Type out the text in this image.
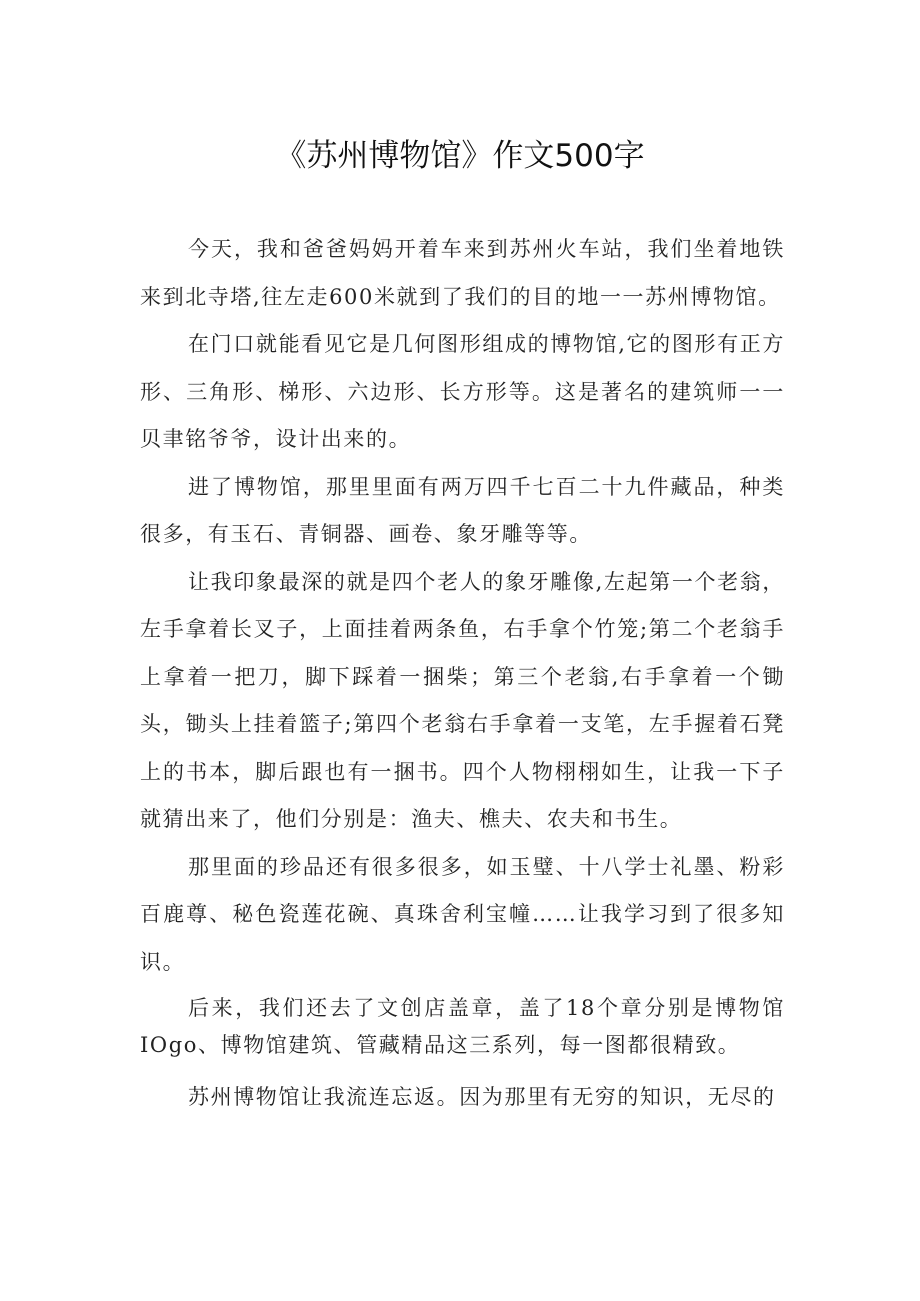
《苏州博物馆》作文500字

今天，我和爸爸妈妈开着车来到苏州火车站，我们坐着地铁来到北寺塔,往左走600米就到了我们的目的地一一苏州博物馆。

在门口就能看见它是几何图形组成的博物馆,它的图形有正方形、三角形、梯形、六边形、长方形等。这是著名的建筑师一一贝聿铭爷爷，设计出来的。

进了博物馆，那里里面有两万四千七百二十九件藏品，种类很多，有玉石、青铜器、画卷、象牙雕等等。

让我印象最深的就是四个老人的象牙雕像,左起第一个老翁，左手拿着长叉子，上面挂着两条鱼，右手拿个竹笼;第二个老翁手上拿着一把刀，脚下踩着一捆柴；第三个老翁,右手拿着一个锄头，锄头上挂着篮子;第四个老翁右手拿着一支笔，左手握着石凳上的书本，脚后跟也有一捆书。四个人物栩栩如生，让我一下子就猜出来了，他们分别是：渔夫、樵夫、农夫和书生。

那里面的珍品还有很多很多，如玉璧、十八学士礼墨、粉彩百鹿尊、秘色瓷莲花碗、真珠舍利宝幢……让我学习到了很多知识。

后来，我们还去了文创店盖章，盖了18个章分别是博物馆IOgo、博物馆建筑、管藏精品这三系列，每一图都很精致。

苏州博物馆让我流连忘返。因为那里有无穷的知识，无尽的
